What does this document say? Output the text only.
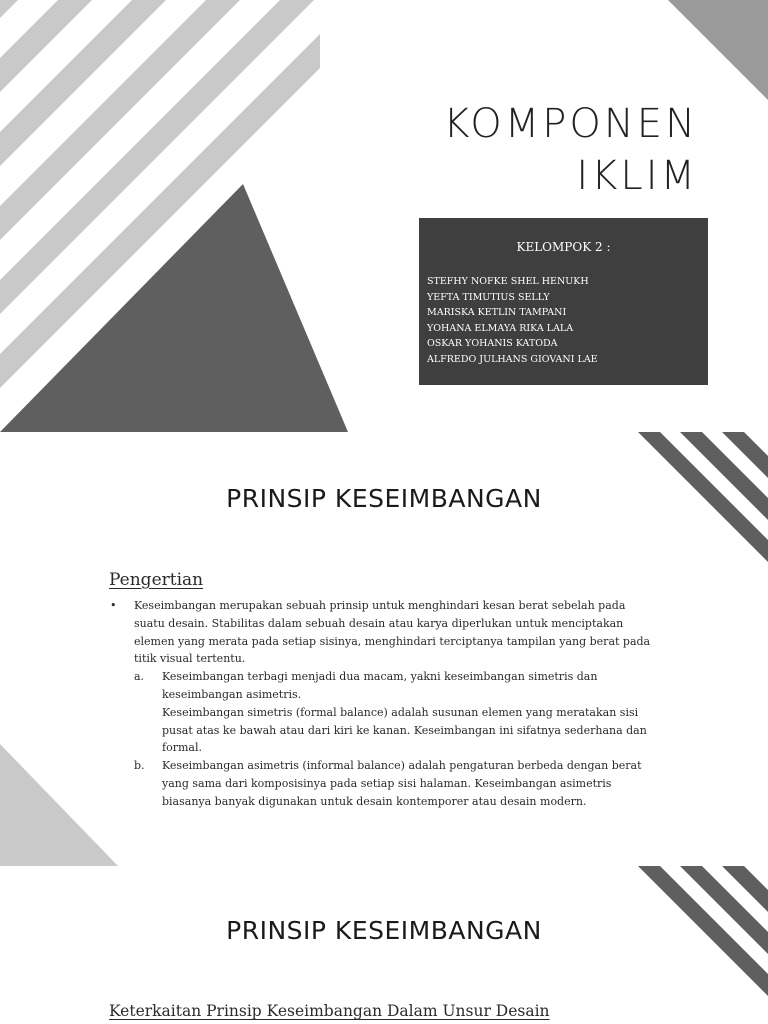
KOMPONEN
IKLIM
KELOMPOK 2 :
STEFHY NOFKE SHEL HENUKH
YEFTA TIMUTIUS SELLY
MARISKA KETLIN TAMPANI
YOHANA ELMAYA RIKA LALA
OSKAR YOHANIS KATODA
ALFREDO JULHANS GIOVANI LAE
PRINSIP KESEIMBANGAN
Pengertian
•	Keseimbangan merupakan sebuah prinsip untuk menghindari kesan berat sebelah pada suatu desain. Stabilitas dalam sebuah desain atau karya diperlukan untuk menciptakan elemen yang merata pada setiap sisinya, menghindari terciptanya tampilan yang berat pada titik visual tertentu.
a.	Keseimbangan terbagi menjadi dua macam, yakni keseimbangan simetris dan keseimbangan asimetris.
Keseimbangan simetris (formal balance) adalah susunan elemen yang meratakan sisi pusat atas ke bawah atau dari kiri ke kanan. Keseimbangan ini sifatnya sederhana dan formal.
b.	Keseimbangan asimetris (informal balance) adalah pengaturan berbeda dengan berat yang sama dari komposisinya pada setiap sisi halaman. Keseimbangan asimetris biasanya banyak digunakan untuk desain kontemporer atau desain modern.
PRINSIP KESEIMBANGAN
Keterkaitan Prinsip Keseimbangan Dalam Unsur Desain
